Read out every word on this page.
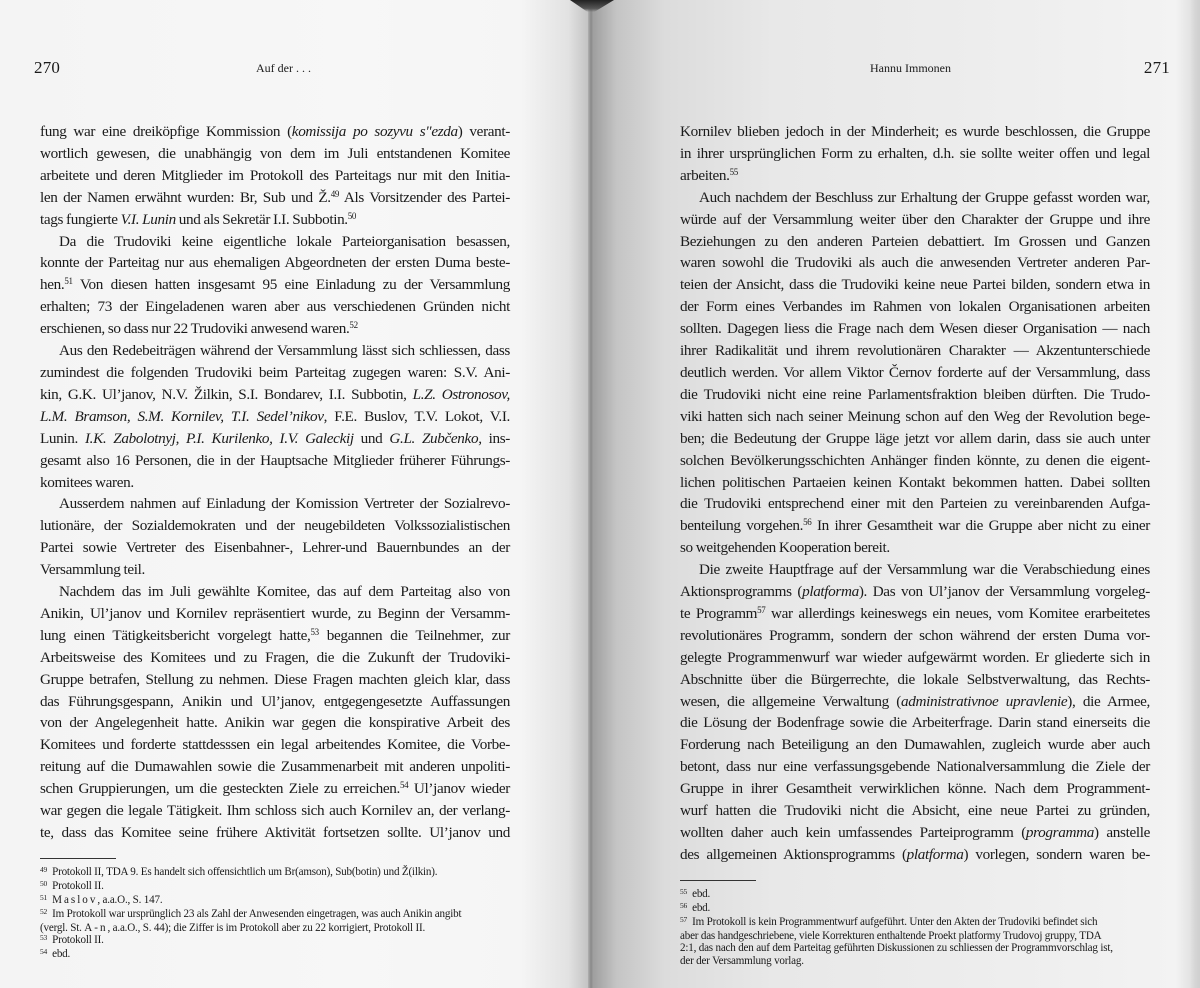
270	Auf der . . .
fung war eine dreiköpfige Kommission (komissija po sozyvu s"ezda) verant-
wortlich gewesen, die unabhängig von dem im Juli entstandenen Komitee
arbeitete und deren Mitglieder im Protokoll des Parteitags nur mit den Initia-
len der Namen erwähnt wurden: Br, Sub und Ž.$^{49}$ Als Vorsitzender des Partei-
tags fungierte V.I. Lunin und als Sekretär I.I. Subbotin.$^{50}$
Da die Trudoviki keine eigentliche lokale Parteiorganisation besassen,
konnte der Parteitag nur aus ehemaligen Abgeordneten der ersten Duma beste-
hen.$^{51}$ Von diesen hatten insgesamt 95 eine Einladung zu der Versammlung
erhalten; 73 der Eingeladenen waren aber aus verschiedenen Gründen nicht
erschienen, so dass nur 22 Trudoviki anwesend waren.$^{52}$
Aus den Redebeiträgen während der Versammlung lässt sich schliessen, dass
zumindest die folgenden Trudoviki beim Parteitag zugegen waren: S.V. Ani-
kin, G.K. Ul’janov, N.V. Žilkin, S.I. Bondarev, I.I. Subbotin, L.Z. Ostronosov,
L.M. Bramson, S.M. Kornilev, T.I. Sedel’nikov, F.E. Buslov, T.V. Lokot, V.I.
Lunin. I.K. Zabolotnyj, P.I. Kurilenko, I.V. Galeckij und G.L. Zubčenko, ins-
gesamt also 16 Personen, die in der Hauptsache Mitglieder früherer Führungs-
komitees waren.
Ausserdem nahmen auf Einladung der Komission Vertreter der Sozialrevo-
lutionäre, der Sozialdemokraten und der neugebildeten Volkssozialistischen
Partei sowie Vertreter des Eisenbahner-, Lehrer-und Bauernbundes an der
Versammlung teil.
Nachdem das im Juli gewählte Komitee, das auf dem Parteitag also von
Anikin, Ul’janov und Kornilev repräsentiert wurde, zu Beginn der Versamm-
lung einen Tätigkeitsbericht vorgelegt hatte,$^{53}$ begannen die Teilnehmer, zur
Arbeitsweise des Komitees und zu Fragen, die die Zukunft der Trudoviki-
Gruppe betrafen, Stellung zu nehmen. Diese Fragen machten gleich klar, dass
das Führungsgespann, Anikin und Ul’janov, entgegengesetzte Auffassungen
von der Angelegenheit hatte. Anikin war gegen die konspirative Arbeit des
Komitees und forderte stattdesssen ein legal arbeitendes Komitee, die Vorbe-
reitung auf die Dumawahlen sowie die Zusammenarbeit mit anderen unpoliti-
schen Gruppierungen, um die gesteckten Ziele zu erreichen.$^{54}$ Ul’janov wieder
war gegen die legale Tätigkeit. Ihm schloss sich auch Kornilev an, der verlang-
te, dass das Komitee seine frühere Aktivität fortsetzen sollte. Ul’janov und
$^{49}$ Protokoll II, TDA 9. Es handelt sich offensichtlich um Br(amson), Sub(botin) und Ž(ilkin).
$^{50}$ Protokoll II.
$^{51}$ Maslov, a.a.O., S. 147.
$^{52}$ Im Protokoll war ursprünglich 23 als Zahl der Anwesenden eingetragen, was auch Anikin angibt
(vergl. St. A-n, a.a.O., S. 44); die Ziffer is im Protokoll aber zu 22 korrigiert, Protokoll II.
$^{53}$ Protokoll II.
$^{54}$ ebd.
Hannu Immonen	271
Kornilev blieben jedoch in der Minderheit; es wurde beschlossen, die Gruppe
in ihrer ursprünglichen Form zu erhalten, d.h. sie sollte weiter offen und legal
arbeiten.$^{55}$
Auch nachdem der Beschluss zur Erhaltung der Gruppe gefasst worden war,
würde auf der Versammlung weiter über den Charakter der Gruppe und ihre
Beziehungen zu den anderen Parteien debattiert. Im Grossen und Ganzen
waren sowohl die Trudoviki als auch die anwesenden Vertreter anderen Par-
teien der Ansicht, dass die Trudoviki keine neue Partei bilden, sondern etwa in
der Form eines Verbandes im Rahmen von lokalen Organisationen arbeiten
sollten. Dagegen liess die Frage nach dem Wesen dieser Organisation — nach
ihrer Radikalität und ihrem revolutionären Charakter — Akzentunterschiede
deutlich werden. Vor allem Viktor Černov forderte auf der Versammlung, dass
die Trudoviki nicht eine reine Parlamentsfraktion bleiben dürften. Die Trudo-
viki hatten sich nach seiner Meinung schon auf den Weg der Revolution bege-
ben; die Bedeutung der Gruppe läge jetzt vor allem darin, dass sie auch unter
solchen Bevölkerungsschichten Anhänger finden könnte, zu denen die eigent-
lichen politischen Partaeien keinen Kontakt bekommen hatten. Dabei sollten
die Trudoviki entsprechend einer mit den Parteien zu vereinbarenden Aufga-
benteilung vorgehen.$^{56}$ In ihrer Gesamtheit war die Gruppe aber nicht zu einer
so weitgehenden Kooperation bereit.
Die zweite Hauptfrage auf der Versammlung war die Verabschiedung eines
Aktionsprogramms (platforma). Das von Ul’janov der Versammlung vorgeleg-
te Programm$^{57}$ war allerdings keineswegs ein neues, vom Komitee erarbeitetes
revolutionäres Programm, sondern der schon während der ersten Duma vor-
gelegte Programmenwurf war wieder aufgewärmt worden. Er gliederte sich in
Abschnitte über die Bürgerrechte, die lokale Selbstverwaltung, das Rechts-
wesen, die allgemeine Verwaltung (administrativnoe upravlenie), die Armee,
die Lösung der Bodenfrage sowie die Arbeiterfrage. Darin stand einerseits die
Forderung nach Beteiligung an den Dumawahlen, zugleich wurde aber auch
betont, dass nur eine verfassungsgebende Nationalversammlung die Ziele der
Gruppe in ihrer Gesamtheit verwirklichen könne. Nach dem Programment-
wurf hatten die Trudoviki nicht die Absicht, eine neue Partei zu gründen,
wollten daher auch kein umfassendes Parteiprogramm (programma) anstelle
des allgemeinen Aktionsprogramms (platforma) vorlegen, sondern waren be-
$^{55}$ ebd.
$^{56}$ ebd.
$^{57}$ Im Protokoll is kein Programmentwurf aufgeführt. Unter den Akten der Trudoviki befindet sich
aber das handgeschriebene, viele Korrekturen enthaltende Proekt platformy Trudovoj gruppy, TDA
2:1, das nach den auf dem Parteitag geführten Diskussionen zu schliessen der Programmvorschlag ist,
der der Versammlung vorlag.
